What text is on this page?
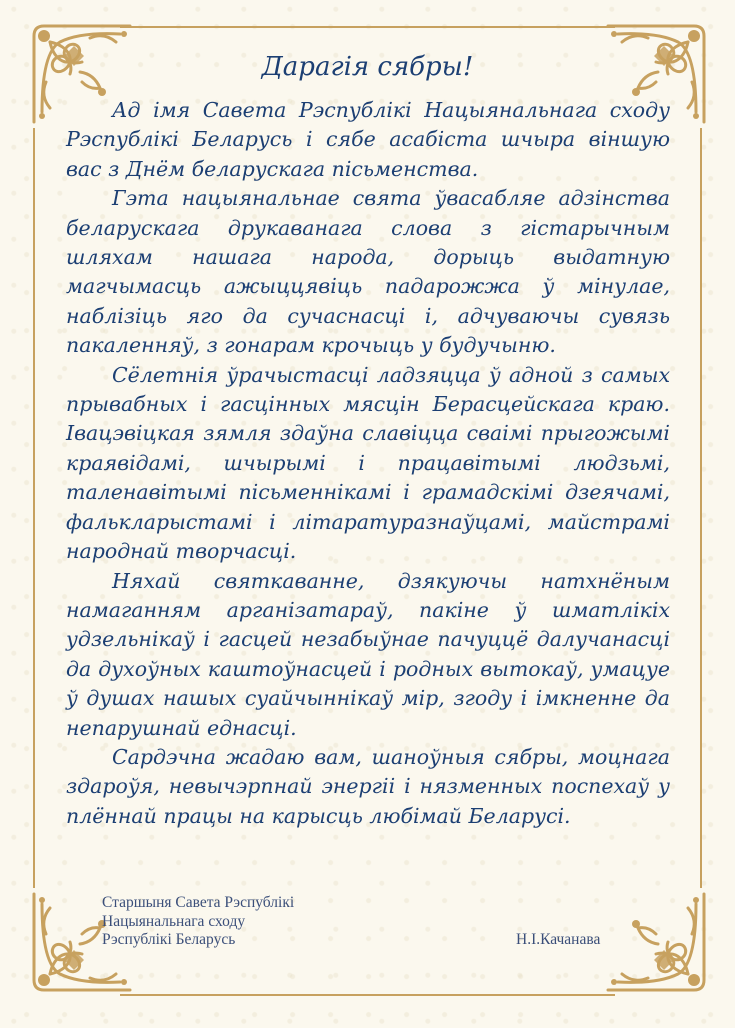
Дарагія сябры!

Ад імя Савета Рэспублікі Нацыянальнага сходу Рэспублікі Беларусь і сябе асабіста шчыра віншую вас з Днём беларускага пісьменства.

Гэта нацыянальнае свята ўвасабляе адзінства беларускага друкаванага слова з гістарычным шляхам нашага народа, дорыць выдатную магчымасць ажыццявіць падарожжа ў мінулае, наблізіць яго да сучаснасці і, адчуваючы сувязь пакаленняў, з гонарам крочыць у будучыню.

Сёлетнія ўрачыстасці ладзяцца ў адной з самых прывабных і гасцінных мясцін Берасцейскага краю. Івацэвіцкая зямля здаўна славіцца сваімі прыгожымі краявідамі, шчырымі і працавітымі людзьмі, таленавітымі пісьменнікамі і грамадскімі дзеячамі, фалькларыстамі і літаратуразнаўцамі, майстрамі народнай творчасці.

Няхай святкаванне, дзякуючы натхнёным намаганням арганізатараў, пакіне ў шматлікіх удзельнікаў і гасцей незабыўнае пачуццё далучанасці да духоўных каштоўнасцей і родных вытокаў, умацуе ў душах нашых суайчыннікаў мір, згоду і імкненне да непарушнай еднасці.

Сардэчна жадаю вам, шаноўныя сябры, моцнага здароўя, невычэрпнай энергіі і нязменных поспехаў у плённай працы на карысць любімай Беларусі.

Старшыня Савета Рэспублікі
Нацыянальнага сходу
Рэспублікі Беларусь	Н.І.Качанава
